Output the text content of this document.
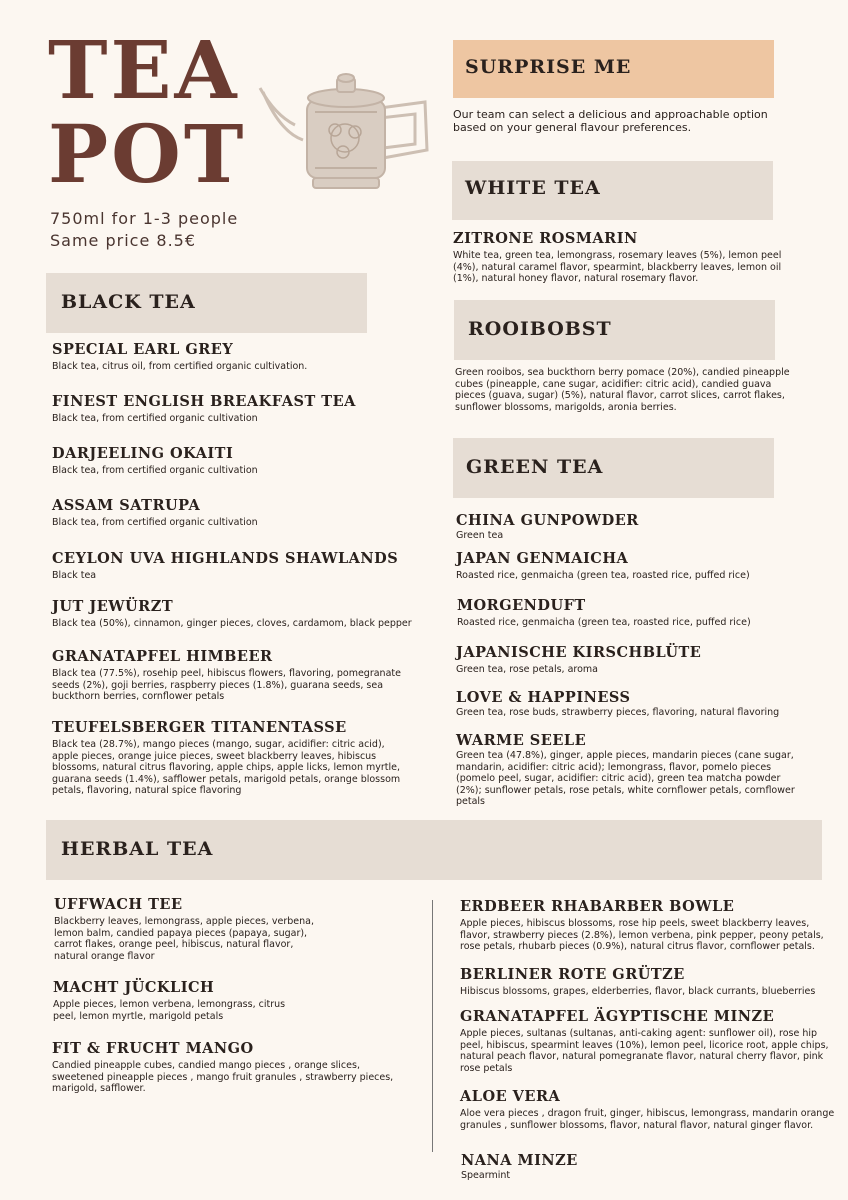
TEA
POT
750ml for 1-3 people
Same price 8.5€
SURPRISE ME
Our team can select a delicious and approachable option based on your general flavour preferences.
BLACK TEA
SPECIAL EARL GREY
Black tea, citrus oil, from certified organic cultivation.
FINEST ENGLISH BREAKFAST TEA
Black tea, from certified organic cultivation
DARJEELING OKAITI
Black tea, from certified organic cultivation
ASSAM SATRUPA
Black tea, from certified organic cultivation
CEYLON UVA HIGHLANDS SHAWLANDS
Black tea
JUT JEWÜRZT
Black tea (50%), cinnamon, ginger pieces, cloves, cardamom, black pepper
GRANATAPFEL HIMBEER
Black tea (77.5%), rosehip peel, hibiscus flowers, flavoring, pomegranate seeds (2%), goji berries, raspberry pieces (1.8%), guarana seeds, sea buckthorn berries, cornflower petals
TEUFELSBERGER TITANENTASSE
Black tea (28.7%), mango pieces (mango, sugar, acidifier: citric acid), apple pieces, orange juice pieces, sweet blackberry leaves, hibiscus blossoms, natural citrus flavoring, apple chips, apple licks, lemon myrtle, guarana seeds (1.4%), safflower petals, marigold petals, orange blossom petals, flavoring, natural spice flavoring
WHITE TEA
ZITRONE ROSMARIN
White tea, green tea, lemongrass, rosemary leaves (5%), lemon peel (4%), natural caramel flavor, spearmint, blackberry leaves, lemon oil (1%), natural honey flavor, natural rosemary flavor.
ROOIBOBST
Green rooibos, sea buckthorn berry pomace (20%), candied pineapple cubes (pineapple, cane sugar, acidifier: citric acid), candied guava pieces (guava, sugar) (5%), natural flavor, carrot slices, carrot flakes, sunflower blossoms, marigolds, aronia berries.
GREEN TEA
CHINA GUNPOWDER
Green tea
JAPAN GENMAICHA
Roasted rice, genmaicha (green tea, roasted rice, puffed rice)
MORGENDUFT
Roasted rice, genmaicha (green tea, roasted rice, puffed rice)
JAPANISCHE KIRSCHBLÜTE
Green tea, rose petals, aroma
LOVE & HAPPINESS
Green tea, rose buds, strawberry pieces, flavoring, natural flavoring
WARME SEELE
Green tea (47.8%), ginger, apple pieces, mandarin pieces (cane sugar, mandarin, acidifier: citric acid); lemongrass, flavor, pomelo pieces (pomelo peel, sugar, acidifier: citric acid), green tea matcha powder (2%); sunflower petals, rose petals, white cornflower petals, cornflower petals
HERBAL TEA
UFFWACH TEE
Blackberry leaves, lemongrass, apple pieces, verbena, lemon balm, candied papaya pieces (papaya, sugar), carrot flakes, orange peel, hibiscus, natural flavor, natural orange flavor
MACHT JÜCKLICH
Apple pieces, lemon verbena, lemongrass, citrus peel, lemon myrtle, marigold petals
FIT & FRUCHT MANGO
Candied pineapple cubes, candied mango pieces , orange slices, sweetened pineapple pieces , mango fruit granules , strawberry pieces, marigold, safflower.
ERDBEER RHABARBER BOWLE
Apple pieces, hibiscus blossoms, rose hip peels, sweet blackberry leaves, flavor, strawberry pieces (2.8%), lemon verbena, pink pepper, peony petals, rose petals, rhubarb pieces (0.9%), natural citrus flavor, cornflower petals.
BERLINER ROTE GRÜTZE
Hibiscus blossoms, grapes, elderberries, flavor, black currants, blueberries
GRANATAPFEL ÄGYPTISCHE MINZE
Apple pieces, sultanas (sultanas, anti-caking agent: sunflower oil), rose hip peel, hibiscus, spearmint leaves (10%), lemon peel, licorice root, apple chips, natural peach flavor, natural pomegranate flavor, natural cherry flavor, pink rose petals
ALOE VERA
Aloe vera pieces , dragon fruit, ginger, hibiscus, lemongrass, mandarin orange granules , sunflower blossoms, flavor, natural flavor, natural ginger flavor.
NANA MINZE
Spearmint
